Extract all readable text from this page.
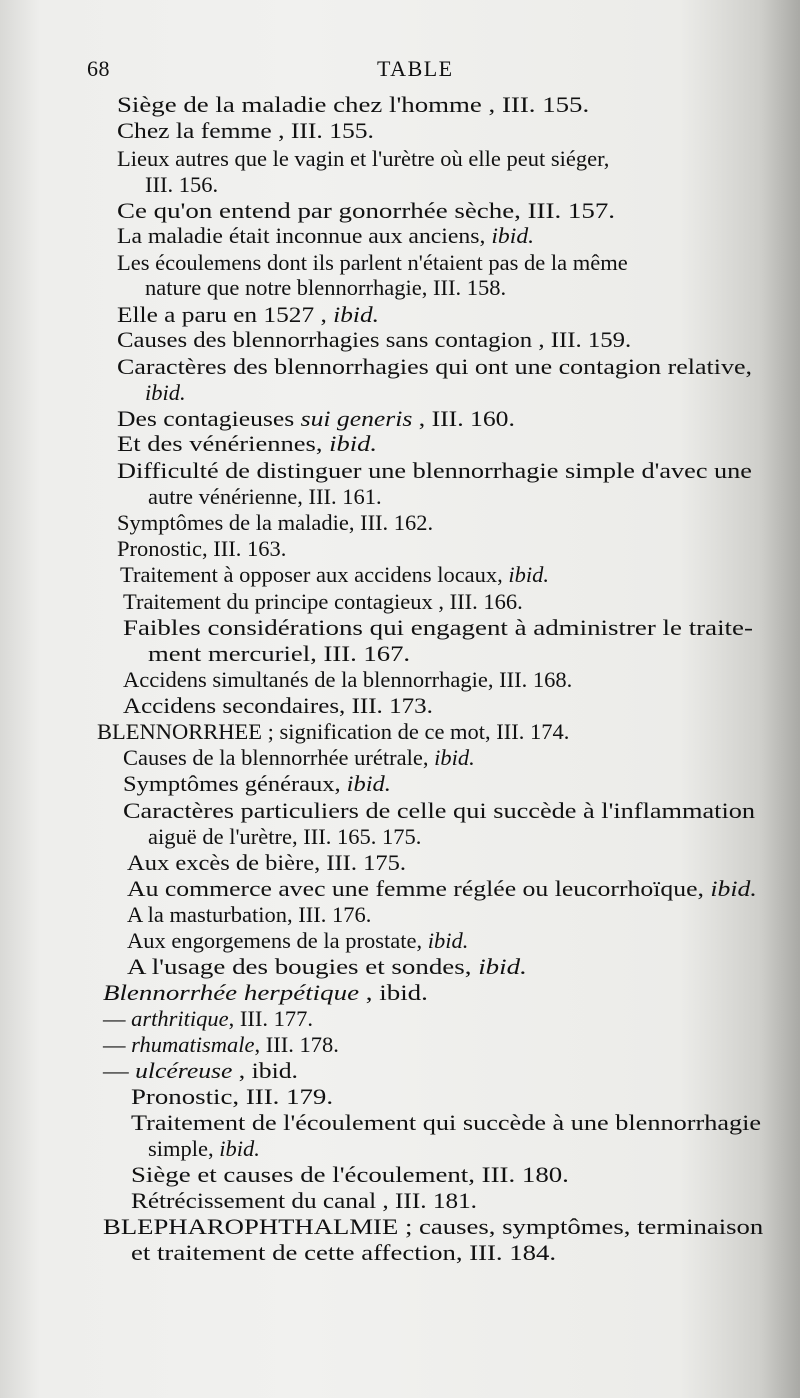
68	TABLE
Siège de la maladie chez l'homme , III. 155.
Chez la femme , III. 155.
Lieux autres que le vagin et l'urètre où elle peut siéger,
III. 156.
Ce qu'on entend par gonorrhée sèche, III. 157.
La maladie était inconnue aux anciens, ibid.
Les écoulemens dont ils parlent n'étaient pas de la même
nature que notre blennorrhagie, III. 158.
Elle a paru en 1527 , ibid.
Causes des blennorrhagies sans contagion , III. 159.
Caractères des blennorrhagies qui ont une contagion relative,
ibid.
Des contagieuses sui generis , III. 160.
Et des vénériennes, ibid.
Difficulté de distinguer une blennorrhagie simple d'avec une
autre vénérienne, III. 161.
Symptômes de la maladie, III. 162.
Pronostic, III. 163.
Traitement à opposer aux accidens locaux, ibid.
Traitement du principe contagieux , III. 166.
Faibles considérations qui engagent à administrer le traite-
ment mercuriel, III. 167.
Accidens simultanés de la blennorrhagie, III. 168.
Accidens secondaires, III. 173.
BLENNORRHEE ; signification de ce mot, III. 174.
Causes de la blennorrhée urétrale, ibid.
Symptômes généraux, ibid.
Caractères particuliers de celle qui succède à l'inflammation
aiguë de l'urètre, III. 165. 175.
Aux excès de bière, III. 175.
Au commerce avec une femme réglée ou leucorrhoïque, ibid.
A la masturbation, III. 176.
Aux engorgemens de la prostate, ibid.
A l'usage des bougies et sondes, ibid.
Blennorrhée herpétique , ibid.
— arthritique, III. 177.
— rhumatismale, III. 178.
— ulcéreuse , ibid.
Pronostic, III. 179.
Traitement de l'écoulement qui succède à une blennorrhagie
simple, ibid.
Siège et causes de l'écoulement, III. 180.
Rétrécissement du canal , III. 181.
BLEPHAROPHTHALMIE ; causes, symptômes, terminaison
et traitement de cette affection, III. 184.
